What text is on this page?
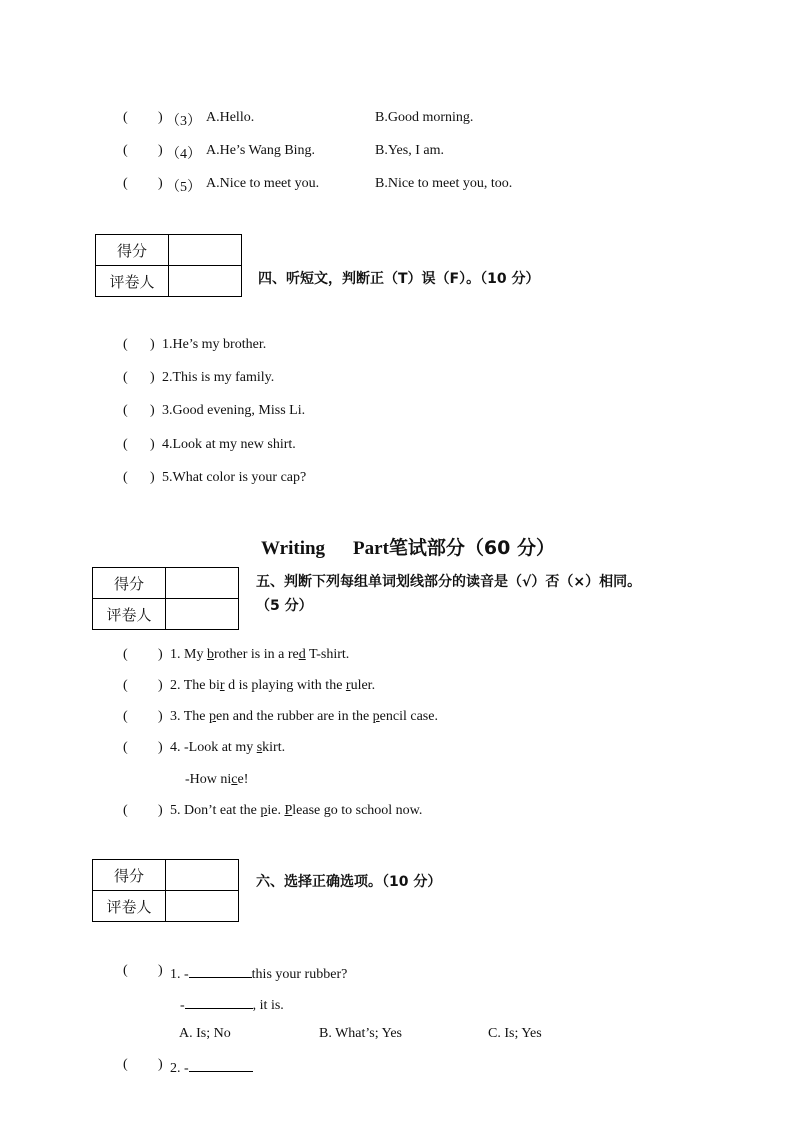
( ) （3） A.Hello.	B.Good morning.
( ) （4） A.He’s Wang Bing.	B.Yes, I am.
( ) （5） A.Nice to meet you.	B.Nice to meet you, too.
得分	
评卷人		四、听短文，判断正（T）误（F）。（10 分）
( ) 1.He’s my brother.
( ) 2.This is my family.
( ) 3.Good evening, Miss Li.
( ) 4.Look at my new shirt.
( ) 5.What color is your cap?
Writing Part笔试部分（60 分）
得分	
评卷人	
五、判断下列每组单词划线部分的读音是（√）否（×）相同。
（5 分）
( ) 1. My brother is in a red T-shirt.
( ) 2. The bir d is playing with the ruler.
( ) 3. The pen and the rubber are in the pencil case.
( ) 4. -Look at my skirt.
-How nice!
( ) 5. Don’t eat the pie. Please go to school now.
得分	
评卷人	
六、选择正确选项。（10 分）
( ) 1. -	this your rubber?
-	, it is.
A. Is; No	B. What’s; Yes	C. Is; Yes
( ) 2. -
